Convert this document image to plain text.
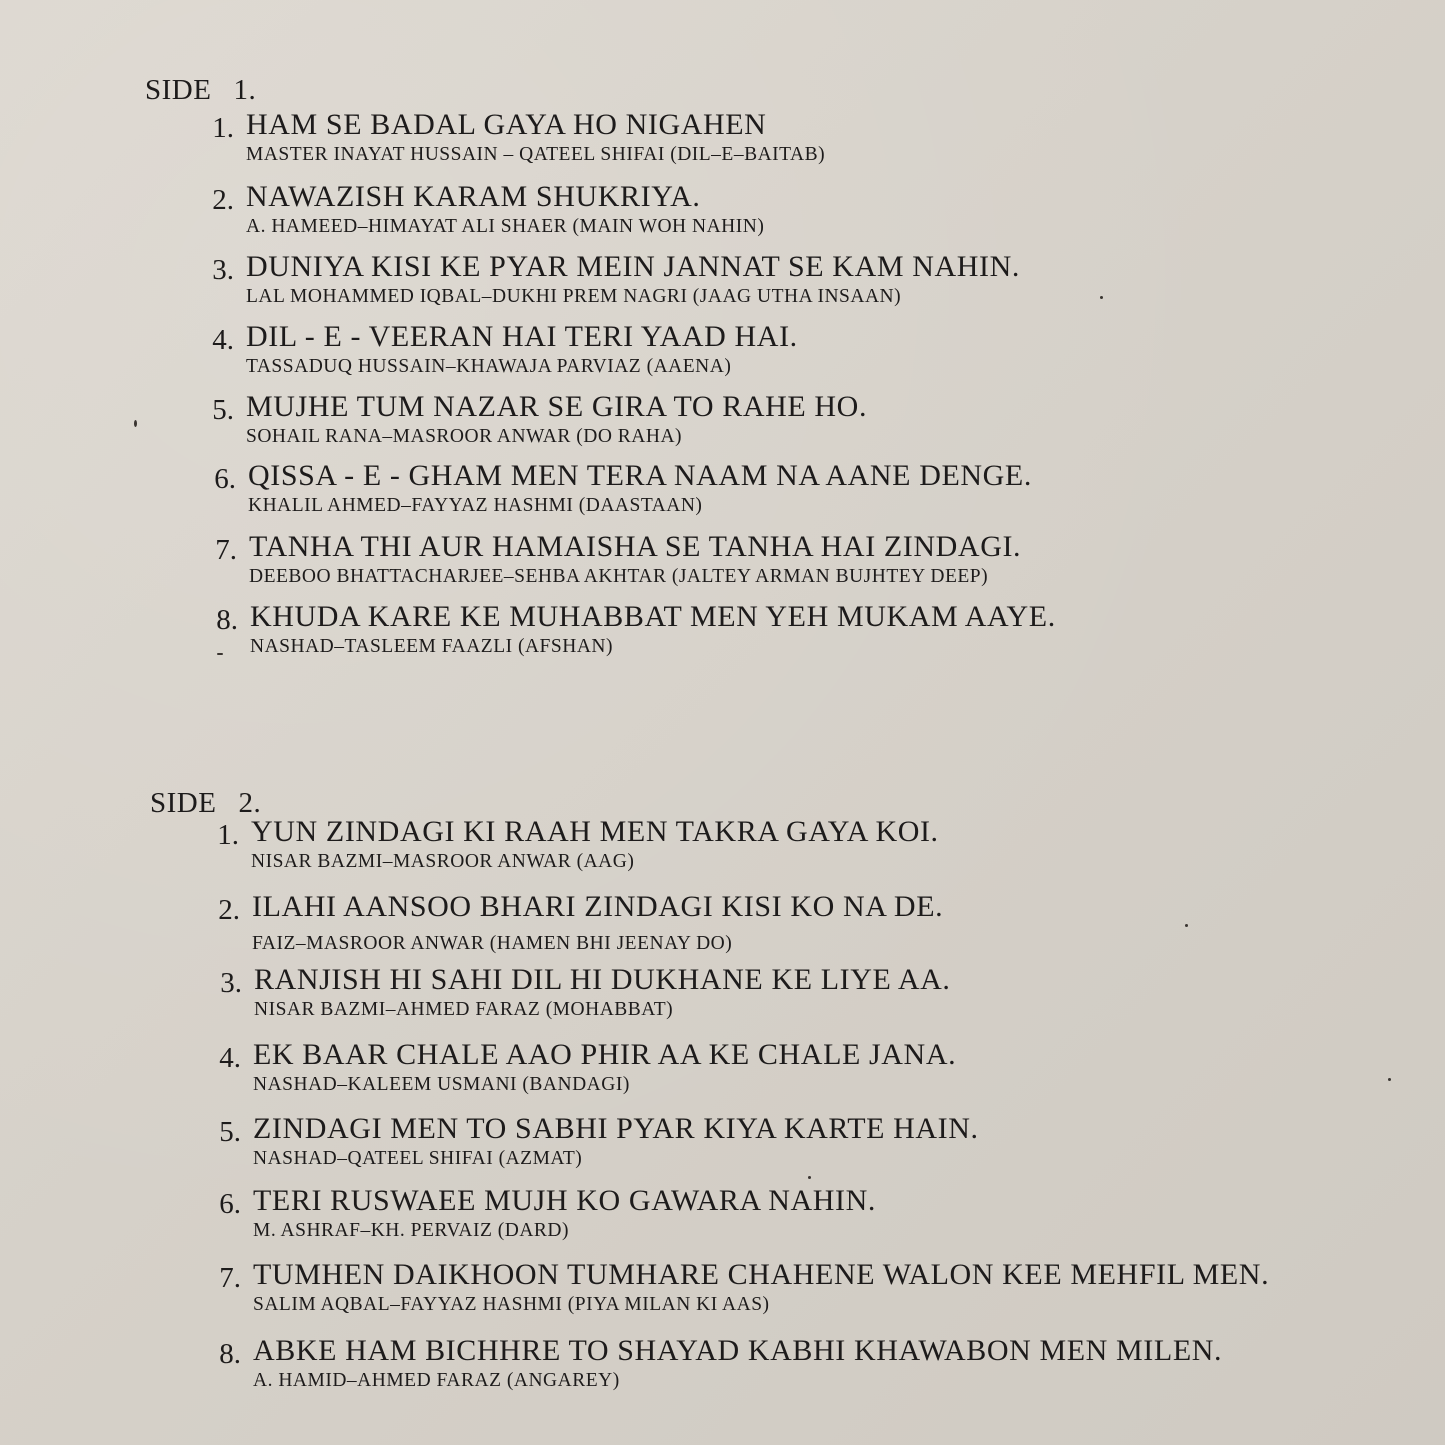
SIDE 1.
1. HAM SE BADAL GAYA HO NIGAHEN
MASTER INAYAT HUSSAIN – QATEEL SHIFAI (DIL–E–BAITAB)
2. NAWAZISH KARAM SHUKRIYA.
A. HAMEED–HIMAYAT ALI SHAER (MAIN WOH NAHIN)
3. DUNIYA KISI KE PYAR MEIN JANNAT SE KAM NAHIN.
LAL MOHAMMED IQBAL–DUKHI PREM NAGRI (JAAG UTHA INSAAN)
4. DIL - E - VEERAN HAI TERI YAAD HAI.
TASSADUQ HUSSAIN–KHAWAJA PARVIAZ (AAENA)
5. MUJHE TUM NAZAR SE GIRA TO RAHE HO.
SOHAIL RANA–MASROOR ANWAR (DO RAHA)
6. QISSA - E - GHAM MEN TERA NAAM NA AANE DENGE.
KHALIL AHMED–FAYYAZ HASHMI (DAASTAAN)
7. TANHA THI AUR HAMAISHA SE TANHA HAI ZINDAGI.
DEEBOO BHATTACHARJEE–SEHBA AKHTAR (JALTEY ARMAN BUJHTEY DEEP)
8. KHUDA KARE KE MUHABBAT MEN YEH MUKAM AAYE.
NASHAD–TASLEEM FAAZLI (AFSHAN)
SIDE 2.
1. YUN ZINDAGI KI RAAH MEN TAKRA GAYA KOI.
NISAR BAZMI–MASROOR ANWAR (AAG)
2. ILAHI AANSOO BHARI ZINDAGI KISI KO NA DE.
FAIZ–MASROOR ANWAR (HAMEN BHI JEENAY DO)
3. RANJISH HI SAHI DIL HI DUKHANE KE LIYE AA.
NISAR BAZMI–AHMED FARAZ (MOHABBAT)
4. EK BAAR CHALE AAO PHIR AA KE CHALE JANA.
NASHAD–KALEEM USMANI (BANDAGI)
5. ZINDAGI MEN TO SABHI PYAR KIYA KARTE HAIN.
NASHAD–QATEEL SHIFAI (AZMAT)
6. TERI RUSWAEE MUJH KO GAWARA NAHIN.
M. ASHRAF–KH. PERVAIZ (DARD)
7. TUMHEN DAIKHOON TUMHARE CHAHENE WALON KEE MEHFIL MEN.
SALIM AQBAL–FAYYAZ HASHMI (PIYA MILAN KI AAS)
8. ABKE HAM BICHHRE TO SHAYAD KABHI KHAWABON MEN MILEN.
A. HAMID–AHMED FARAZ (ANGAREY)
